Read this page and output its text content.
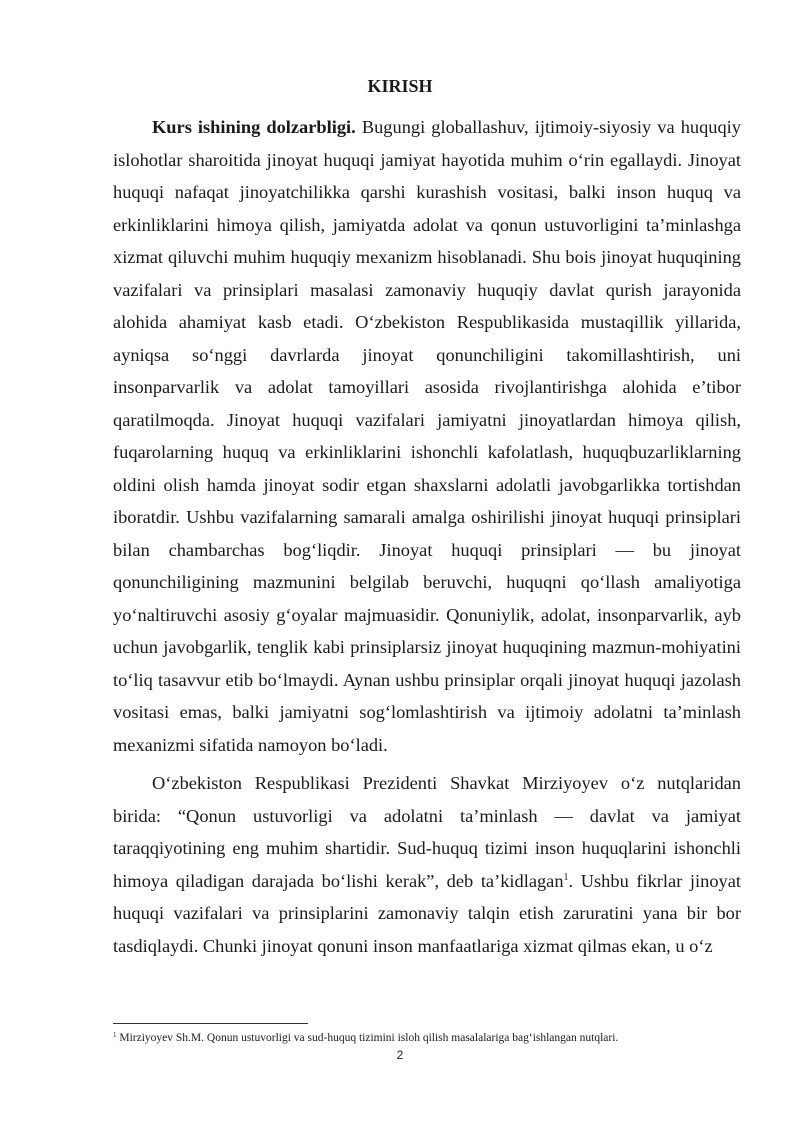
KIRISH

Kurs ishining dolzarbligi. Bugungi globallashuv, ijtimoiy-siyosiy va huquqiy islohotlar sharoitida jinoyat huquqi jamiyat hayotida muhim o‘rin egallaydi. Jinoyat huquqi nafaqat jinoyatchilikka qarshi kurashish vositasi, balki inson huquq va erkinliklarini himoya qilish, jamiyatda adolat va qonun ustuvorligini ta’minlashga xizmat qiluvchi muhim huquqiy mexanizm hisoblanadi. Shu bois jinoyat huquqining vazifalari va prinsiplari masalasi zamonaviy huquqiy davlat qurish jarayonida alohida ahamiyat kasb etadi. O‘zbekiston Respublikasida mustaqillik yillarida, ayniqsa so‘nggi davrlarda jinoyat qonunchiligini takomillashtirish, uni insonparvarlik va adolat tamoyillari asosida rivojlantirishga alohida e’tibor qaratilmoqda. Jinoyat huquqi vazifalari jamiyatni jinoyatlardan himoya qilish, fuqarolarning huquq va erkinliklarini ishonchli kafolatlash, huquqbuzarliklarning oldini olish hamda jinoyat sodir etgan shaxslarni adolatli javobgarlikka tortishdan iboratdir. Ushbu vazifalarning samarali amalga oshirilishi jinoyat huquqi prinsiplari bilan chambarchas bog‘liqdir. Jinoyat huquqi prinsiplari — bu jinoyat qonunchiligining mazmunini belgilab beruvchi, huquqni qo‘llash amaliyotiga yo‘naltiruvchi asosiy g‘oyalar majmuasidir. Qonuniylik, adolat, insonparvarlik, ayb uchun javobgarlik, tenglik kabi prinsiplarsiz jinoyat huquqining mazmun-mohiyatini to‘liq tasavvur etib bo‘lmaydi. Aynan ushbu prinsiplar orqali jinoyat huquqi jazolash vositasi emas, balki jamiyatni sog‘lomlashtirish va ijtimoiy adolatni ta’minlash mexanizmi sifatida namoyon bo‘ladi.

O‘zbekiston Respublikasi Prezidenti Shavkat Mirziyoyev o‘z nutqlaridan birida: “Qonun ustuvorligi va adolatni ta’minlash — davlat va jamiyat taraqqiyotining eng muhim shartidir. Sud-huquq tizimi inson huquqlarini ishonchli himoya qiladigan darajada bo‘lishi kerak”, deb ta’kidlagan$^1$. Ushbu fikrlar jinoyat huquqi vazifalari va prinsiplarini zamonaviy talqin etish zaruratini yana bir bor tasdiqlaydi. Chunki jinoyat qonuni inson manfaatlariga xizmat qilmas ekan, u o‘z

$^1$ Mirziyoyev Sh.M. Qonun ustuvorligi va sud-huquq tizimini isloh qilish masalalariga bag‘ishlangan nutqlari.
2
